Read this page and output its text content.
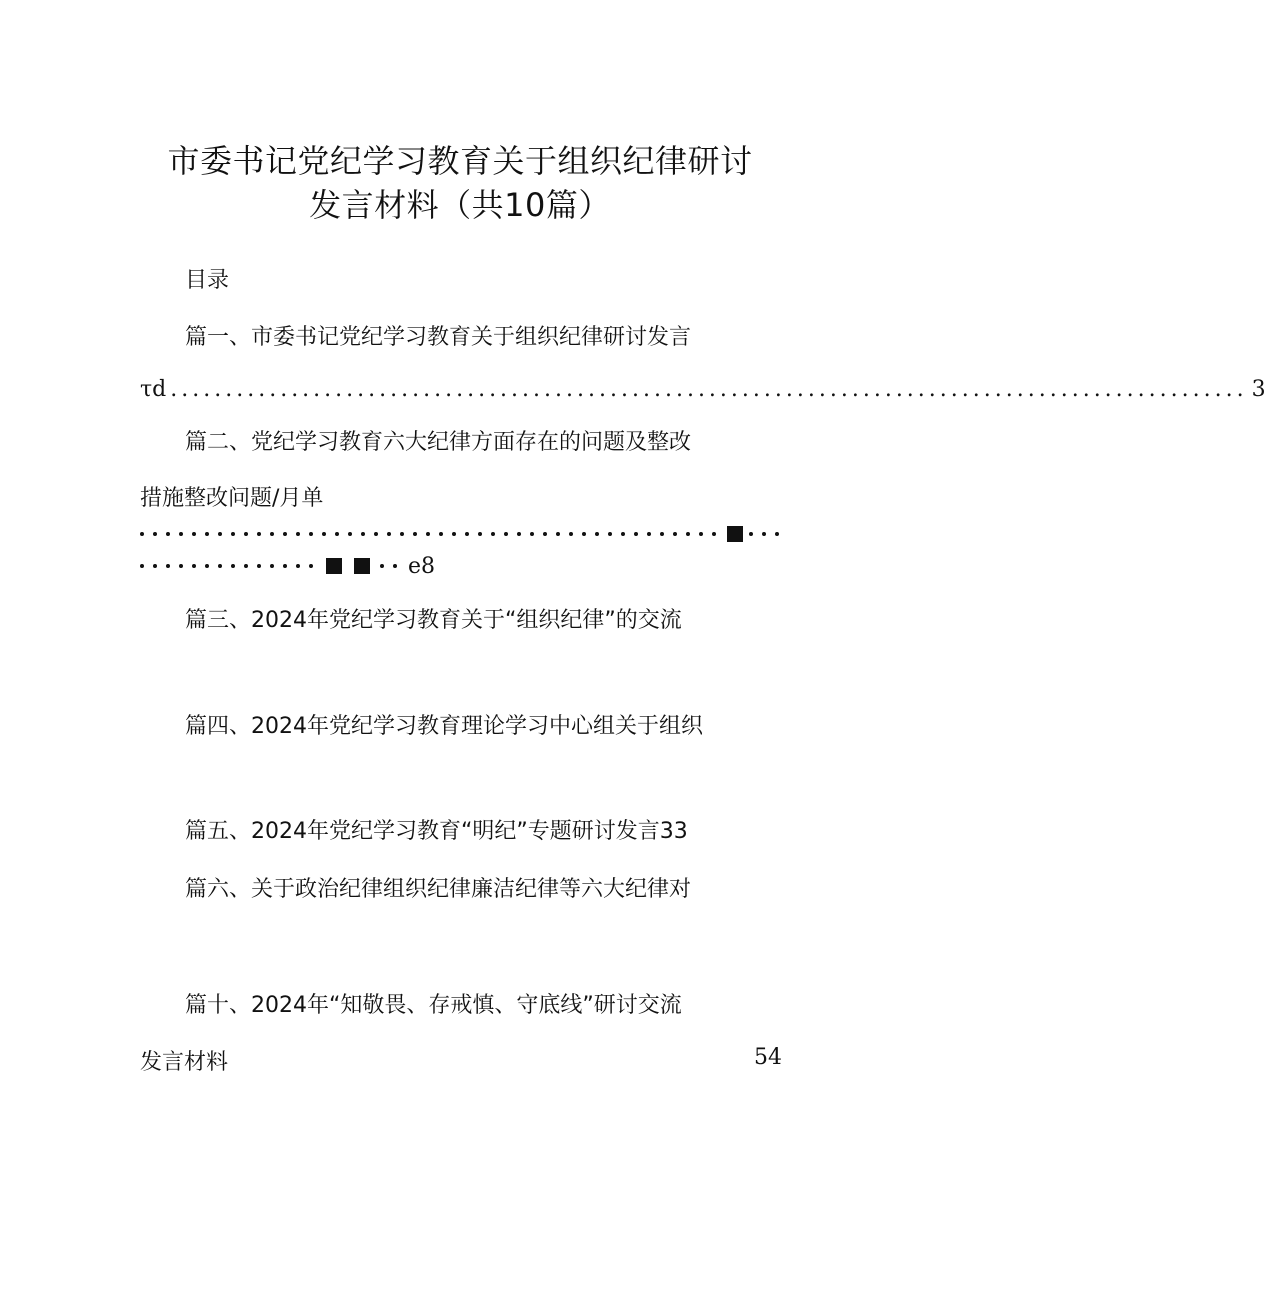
市委书记党纪学习教育关于组织纪律研讨
发言材料（共10篇）
目录
篇一、市委书记党纪学习教育关于组织纪律研讨发言
τd .................................................................................................. 3
篇二、党纪学习教育六大纪律方面存在的问题及整改
措施整改问题/月单
e8
篇三、2024年党纪学习教育关于“组织纪律”的交流
篇四、2024年党纪学习教育理论学习中心组关于组织
篇五、2024年党纪学习教育“明纪”专题研讨发言33
篇六、关于政治纪律组织纪律廉洁纪律等六大纪律对
篇十、2024年“知敬畏、存戒慎、守底线”研讨交流
发言材料	54
